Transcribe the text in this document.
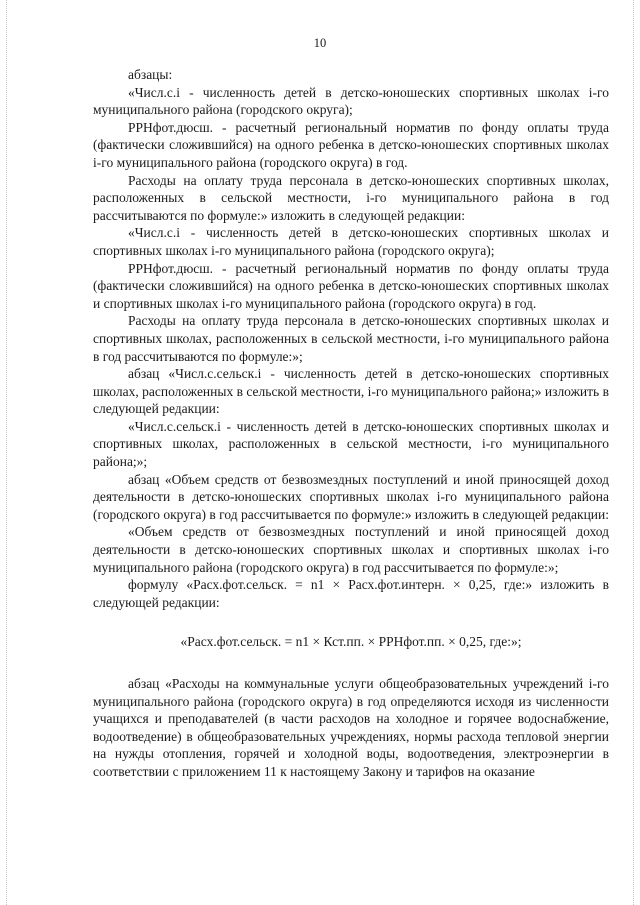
10

абзацы:

«Числ.с.i - численность детей в детско-юношеских спортивных школах i-го муниципального района (городского округа);

РРНфот.дюсш. - расчетный региональный норматив по фонду оплаты труда (фактически сложившийся) на одного ребенка в детско-юношеских спортивных школах i-го муниципального района (городского округа) в год.

Расходы на оплату труда персонала в детско-юношеских спортивных школах, расположенных в сельской местности, i-го муниципального района в год рассчитываются по формуле:» изложить в следующей редакции:

«Числ.с.i - численность детей в детско-юношеских спортивных школах и спортивных школах i-го муниципального района (городского округа);

РРНфот.дюсш. - расчетный региональный норматив по фонду оплаты труда (фактически сложившийся) на одного ребенка в детско-юношеских спортивных школах и спортивных школах i-го муниципального района (городского округа) в год.

Расходы на оплату труда персонала в детско-юношеских спортивных школах и спортивных школах, расположенных в сельской местности, i-го муниципального района в год рассчитываются по формуле:»;

абзац «Числ.с.сельск.i - численность детей в детско-юношеских спортивных школах, расположенных в сельской местности, i-го муниципального района;» изложить в следующей редакции:

«Числ.с.сельск.i - численность детей в детско-юношеских спортивных школах и спортивных школах, расположенных в сельской местности, i-го муниципального района;»;

абзац «Объем средств от безвозмездных поступлений и иной приносящей доход деятельности в детско-юношеских спортивных школах i-го муниципального района (городского округа) в год рассчитывается по формуле:» изложить в следующей редакции:

«Объем средств от безвозмездных поступлений и иной приносящей доход деятельности в детско-юношеских спортивных школах и спортивных школах i-го муниципального района (городского округа) в год рассчитывается по формуле:»;

формулу «Расх.фот.сельск. = n1 × Расх.фот.интерн. × 0,25, где:» изложить в следующей редакции:

«Расх.фот.сельск. = n1 × Кст.пп. × РРНфот.пп. × 0,25, где:»;

абзац «Расходы на коммунальные услуги общеобразовательных учреждений i-го муниципального района (городского округа) в год определяются исходя из численности учащихся и преподавателей (в части расходов на холодное и горячее водоснабжение, водоотведение) в общеобразовательных учреждениях, нормы расхода тепловой энергии на нужды отопления, горячей и холодной воды, водоотведения, электроэнергии в соответствии с приложением 11 к настоящему Закону и тарифов на оказание
